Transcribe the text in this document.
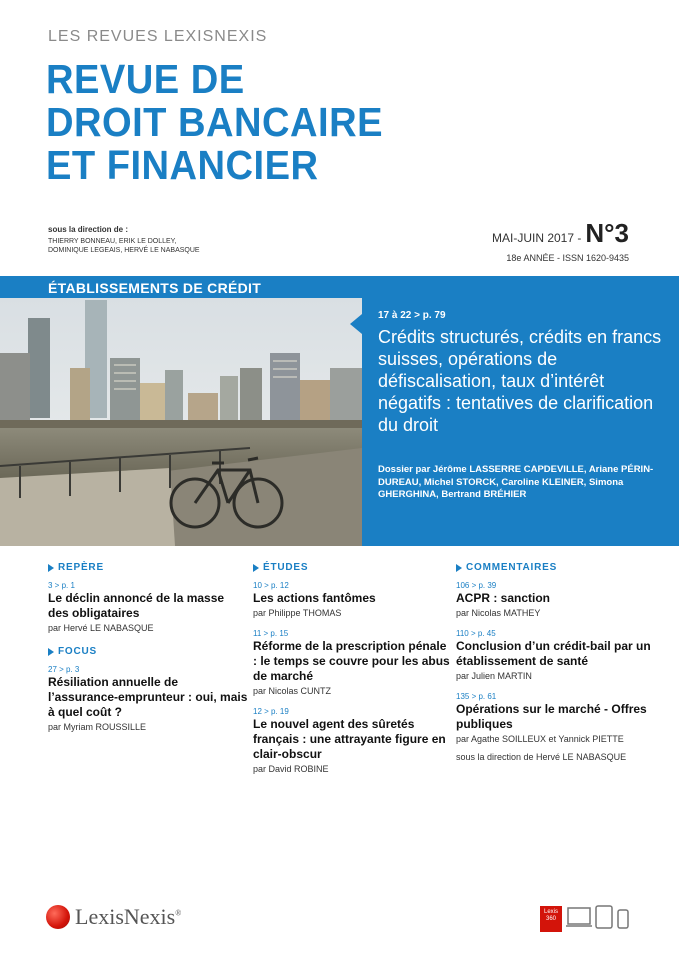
LES REVUES LEXISNEXIS
REVUE DE
DROIT BANCAIRE
ET FINANCIER
sous la direction de :
THIERRY BONNEAU, ERIK LE DOLLEY,
DOMINIQUE LEGEAIS, HERVÉ LE NABASQUE
MAI-JUIN 2017 - N°3
18e ANNÉE - ISSN 1620-9435
ÉTABLISSEMENTS DE CRÉDIT
17 à 22 > p. 79
Crédits structurés, crédits en francs suisses, opérations de défiscalisation, taux d’intérêt négatifs : tentatives de clarification du droit
Dossier par Jérôme LASSERRE CAPDEVILLE, Ariane PÉRIN-DUREAU, Michel STORCK, Caroline KLEINER, Simona GHERGHINA, Bertrand BRÉHIER
REPÈRE
3 > p. 1
Le déclin annoncé de la masse des obligataires
par Hervé LE NABASQUE
FOCUS
27 > p. 3
Résiliation annuelle de l’assurance-emprunteur : oui, mais à quel coût ?
par Myriam ROUSSILLE
ÉTUDES
10 > p. 12
Les actions fantômes
par Philippe THOMAS
11 > p. 15
Réforme de la prescription pénale : le temps se couvre pour les abus de marché
par Nicolas CUNTZ
12 > p. 19
Le nouvel agent des sûretés français : une attrayante figure en clair-obscur
par David ROBINE
COMMENTAIRES
106 > p. 39
ACPR : sanction
par Nicolas MATHEY
110 > p. 45
Conclusion d’un crédit-bail par un établissement de santé
par Julien MARTIN
135 > p. 61
Opérations sur le marché - Offres publiques
par Agathe SOILLEUX et Yannick PIETTE
sous la direction de Hervé LE NABASQUE
LexisNexis®	Lexis 360
